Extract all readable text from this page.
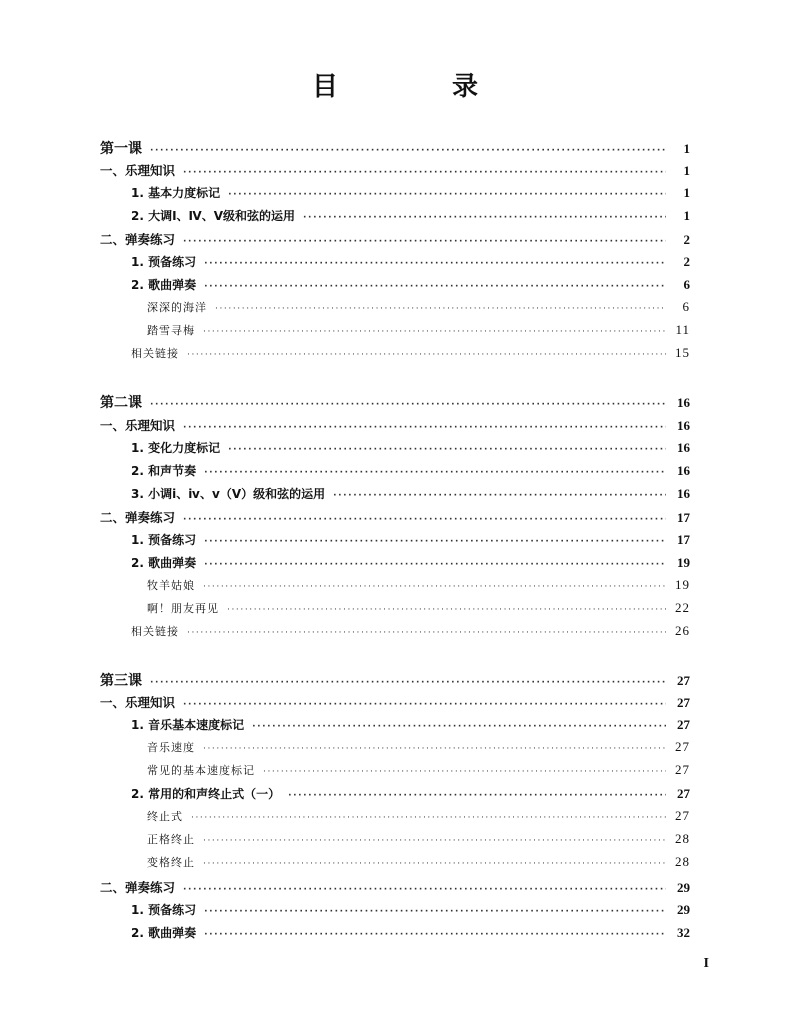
目　录
第一课 ·····	1
一、乐理知识 ·····	1
1. 基本力度标记 ·····	1
2. 大调Ⅰ、Ⅳ、Ⅴ级和弦的运用 ·····	1
二、弹奏练习 ·····	2
1. 预备练习 ·····	2
2. 歌曲弹奏 ·····	6
深深的海洋 ·····	6
踏雪寻梅 ·····	11
相关链接 ·····	15
第二课 ·····	16
一、乐理知识 ·····	16
1. 变化力度标记 ·····	16
2. 和声节奏 ·····	16
3. 小调ⅰ、ⅳ、ⅴ（Ⅴ）级和弦的运用 ·····	16
二、弹奏练习 ·····	17
1. 预备练习 ·····	17
2. 歌曲弹奏 ·····	19
牧羊姑娘 ·····	19
啊！朋友再见 ·····	22
相关链接 ·····	26
第三课 ·····	27
一、乐理知识 ·····	27
1. 音乐基本速度标记 ·····	27
音乐速度 ·····	27
常见的基本速度标记 ·····	27
2. 常用的和声终止式（一） ·····	27
终止式 ·····	27
正格终止 ·····	28
变格终止 ·····	28
二、弹奏练习 ·····	29
1. 预备练习 ·····	29
2. 歌曲弹奏 ·····	32
I
